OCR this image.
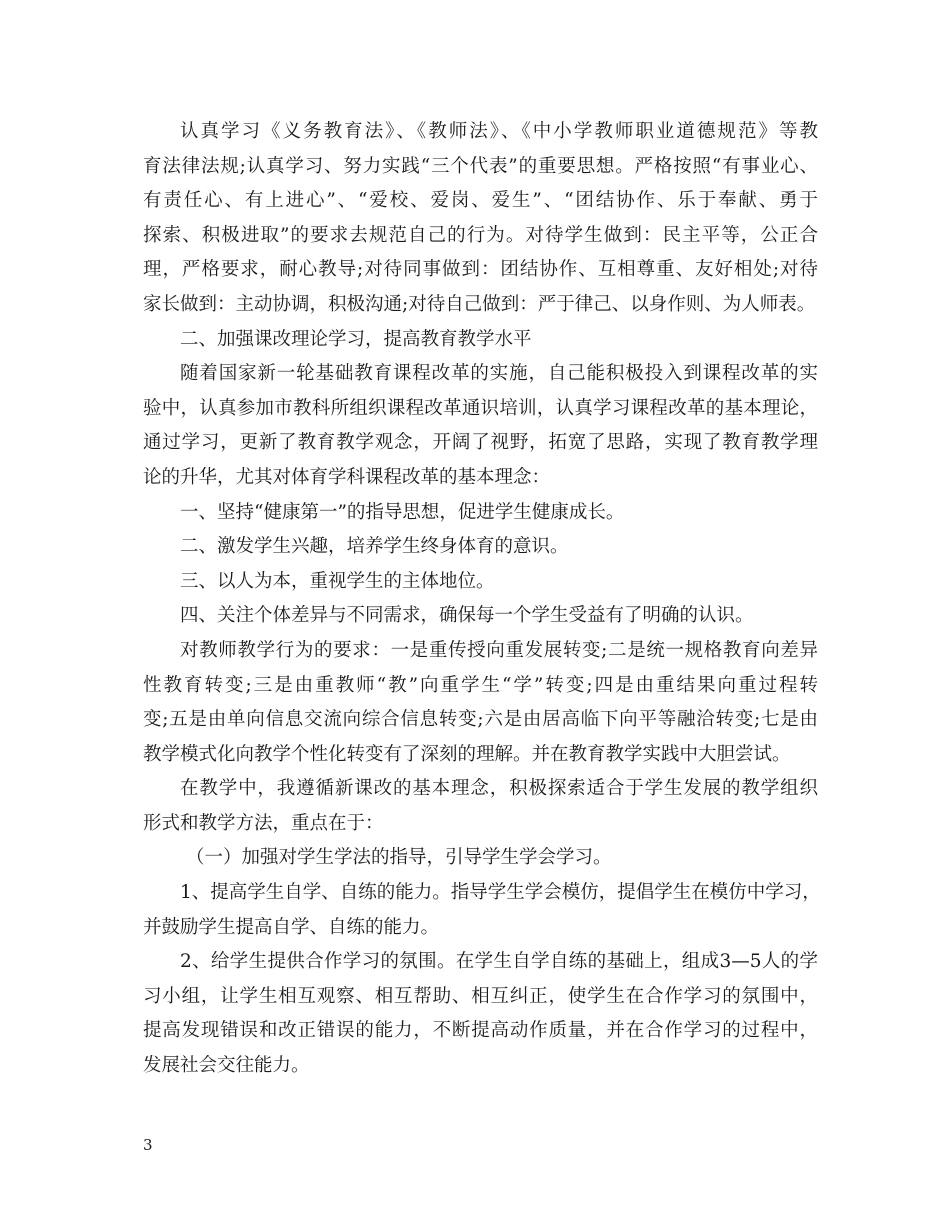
认真学习《义务教育法》、《教师法》、《中小学教师职业道德规范》等教
育法律法规;认真学习、努力实践“三个代表”的重要思想。严格按照“有事业心、
有责任心、有上进心”、“爱校、爱岗、爱生”、“团结协作、乐于奉献、勇于
探索、积极进取”的要求去规范自己的行为。对待学生做到：民主平等，公正合
理，严格要求，耐心教导;对待同事做到：团结协作、互相尊重、友好相处;对待
家长做到：主动协调，积极沟通;对待自己做到：严于律己、以身作则、为人师表。
二、加强课改理论学习，提高教育教学水平
随着国家新一轮基础教育课程改革的实施，自己能积极投入到课程改革的实
验中，认真参加市教科所组织课程改革通识培训，认真学习课程改革的基本理论，
通过学习，更新了教育教学观念，开阔了视野，拓宽了思路，实现了教育教学理
论的升华，尤其对体育学科课程改革的基本理念：
一、坚持“健康第一”的指导思想，促进学生健康成长。
二、激发学生兴趣，培养学生终身体育的意识。
三、以人为本，重视学生的主体地位。
四、关注个体差异与不同需求，确保每一个学生受益有了明确的认识。
对教师教学行为的要求：一是重传授向重发展转变;二是统一规格教育向差异
性教育转变;三是由重教师“教”向重学生“学”转变;四是由重结果向重过程转
变;五是由单向信息交流向综合信息转变;六是由居高临下向平等融洽转变;七是由
教学模式化向教学个性化转变有了深刻的理解。并在教育教学实践中大胆尝试。
在教学中，我遵循新课改的基本理念，积极探索适合于学生发展的教学组织
形式和教学方法，重点在于：
（一）加强对学生学法的指导，引导学生学会学习。
1、提高学生自学、自练的能力。指导学生学会模仿，提倡学生在模仿中学习，
并鼓励学生提高自学、自练的能力。
2、给学生提供合作学习的氛围。在学生自学自练的基础上，组成3—5人的学
习小组，让学生相互观察、相互帮助、相互纠正，使学生在合作学习的氛围中，
提高发现错误和改正错误的能力，不断提高动作质量，并在合作学习的过程中，
发展社会交往能力。
3
